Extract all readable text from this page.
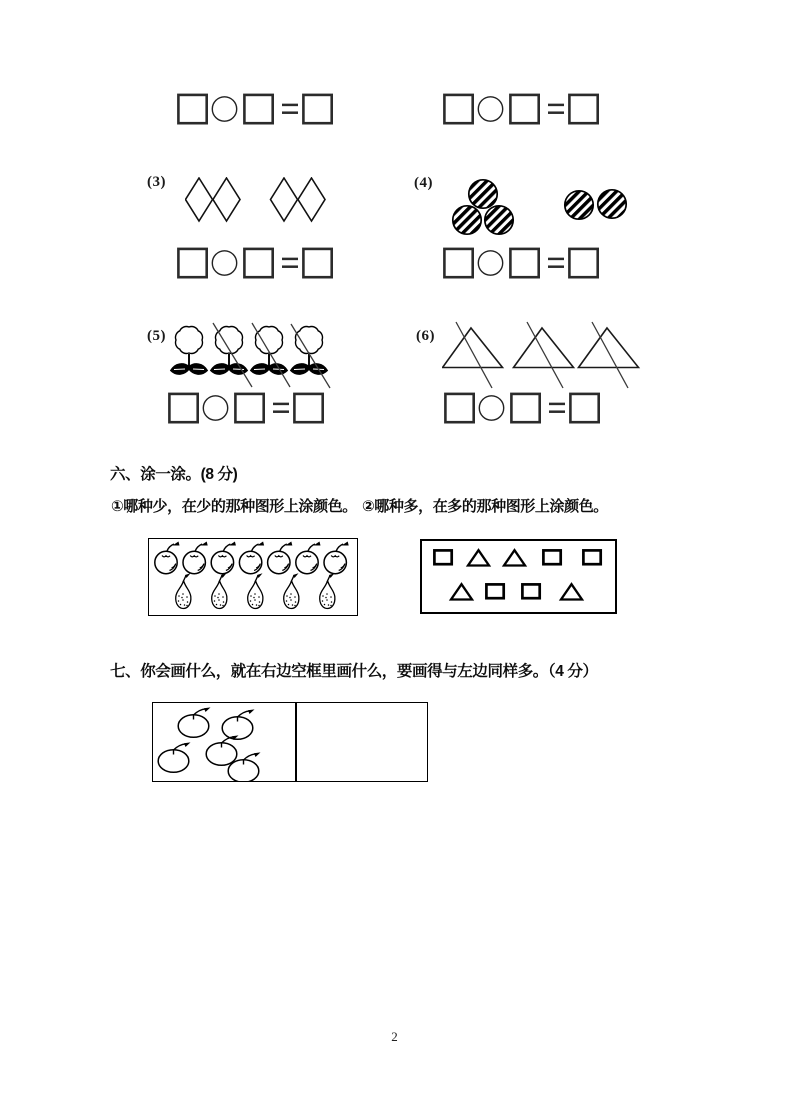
(3)	(4)
(5)	(6)
六、涂一涂。(8 分)
①哪种少，在少的那种图形上涂颜色。 ②哪种多，在多的那种图形上涂颜色。
七、你会画什么，就在右边空框里画什么，要画得与左边同样多。（4 分）
2
